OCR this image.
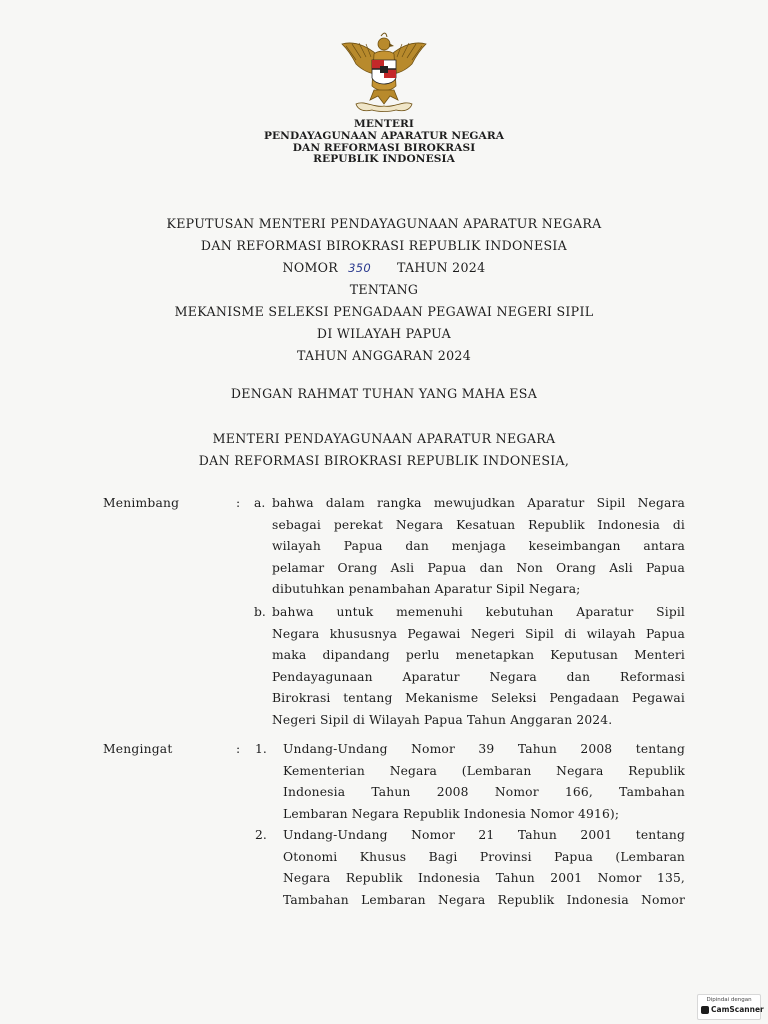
MENTERI
PENDAYAGUNAAN APARATUR NEGARA
DAN REFORMASI BIROKRASI
REPUBLIK INDONESIA
KEPUTUSAN MENTERI PENDAYAGUNAAN APARATUR NEGARA
DAN REFORMASI BIROKRASI REPUBLIK INDONESIA
NOMOR 350 TAHUN 2024
TENTANG
MEKANISME SELEKSI PENGADAAN PEGAWAI NEGERI SIPIL
DI WILAYAH PAPUA
TAHUN ANGGARAN 2024
DENGAN RAHMAT TUHAN YANG MAHA ESA
MENTERI PENDAYAGUNAAN APARATUR NEGARA
DAN REFORMASI BIROKRASI REPUBLIK INDONESIA,
Menimbang	: a. bahwa dalam rangka mewujudkan Aparatur Sipil Negara
sebagai perekat Negara Kesatuan Republik Indonesia di
wilayah Papua dan menjaga keseimbangan antara
pelamar Orang Asli Papua dan Non Orang Asli Papua
dibutuhkan penambahan Aparatur Sipil Negara;
b. bahwa untuk memenuhi kebutuhan Aparatur Sipil
Negara khususnya Pegawai Negeri Sipil di wilayah Papua
maka dipandang perlu menetapkan Keputusan Menteri
Pendayagunaan Aparatur Negara dan Reformasi
Birokrasi tentang Mekanisme Seleksi Pengadaan Pegawai
Negeri Sipil di Wilayah Papua Tahun Anggaran 2024.
Mengingat	: 1. Undang-Undang Nomor 39 Tahun 2008 tentang
Kementerian Negara (Lembaran Negara Republik
Indonesia Tahun 2008 Nomor 166, Tambahan
Lembaran Negara Republik Indonesia Nomor 4916);
2. Undang-Undang Nomor 21 Tahun 2001 tentang
Otonomi Khusus Bagi Provinsi Papua (Lembaran
Negara Republik Indonesia Tahun 2001 Nomor 135,
Tambahan Lembaran Negara Republik Indonesia Nomor
Dipindai dengan
CamScanner
